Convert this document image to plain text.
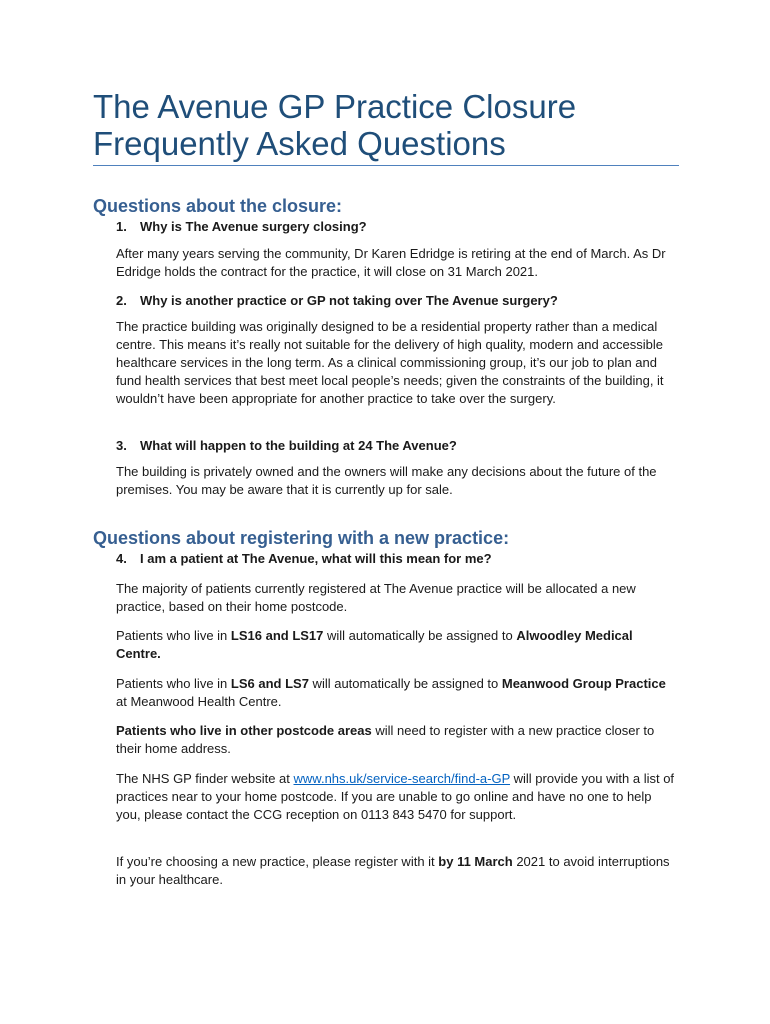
The Avenue GP Practice Closure
Frequently Asked Questions
Questions about the closure:
1. Why is The Avenue surgery closing?

After many years serving the community, Dr Karen Edridge is retiring at the end of March. As Dr Edridge holds the contract for the practice, it will close on 31 March 2021.

2. Why is another practice or GP not taking over The Avenue surgery?

The practice building was originally designed to be a residential property rather than a medical centre. This means it’s really not suitable for the delivery of high quality, modern and accessible healthcare services in the long term. As a clinical commissioning group, it’s our job to plan and fund health services that best meet local people’s needs; given the constraints of the building, it wouldn’t have been appropriate for another practice to take over the surgery.

3. What will happen to the building at 24 The Avenue?

The building is privately owned and the owners will make any decisions about the future of the premises. You may be aware that it is currently up for sale.

Questions about registering with a new practice:
4. I am a patient at The Avenue, what will this mean for me?

The majority of patients currently registered at The Avenue practice will be allocated a new practice, based on their home postcode.

Patients who live in LS16 and LS17 will automatically be assigned to Alwoodley Medical Centre.

Patients who live in LS6 and LS7 will automatically be assigned to Meanwood Group Practice at Meanwood Health Centre.

Patients who live in other postcode areas will need to register with a new practice closer to their home address.

The NHS GP finder website at www.nhs.uk/service-search/find-a-GP will provide you with a list of practices near to your home postcode. If you are unable to go online and have no one to help you, please contact the CCG reception on 0113 843 5470 for support.

If you’re choosing a new practice, please register with it by 11 March 2021 to avoid interruptions in your healthcare.
